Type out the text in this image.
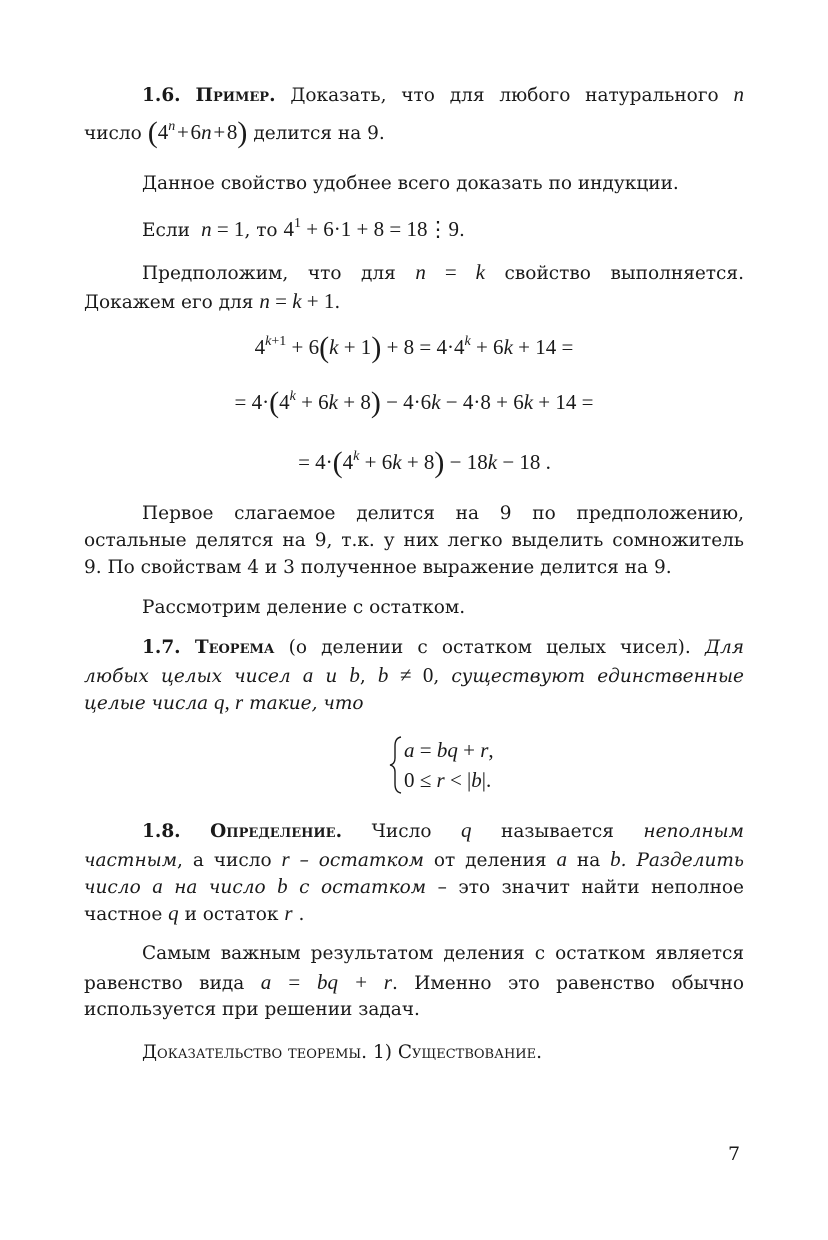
1.6. Пример. Доказать, что для любого натурального n
число ($4^n$ + 6n + 8) делится на 9.
Данное свойство удобнее всего доказать по индукции.
Если n = 1, то $4^1 + 6\cdot 1 + 8$ = 18⋮9.
Предположим, что для n = k свойство выполняется.
Докажем его для n = k + 1.
$4^{k+1} + 6(k + 1) + 8 = 4\cdot 4^k + 6k + 14$ =
= $4\cdot(4^k + 6k + 8) - 4\cdot 6k - 4\cdot 8 + 6k + 14$ =
= $4\cdot(4^k + 6k + 8) - 18k - 18$ .
Первое слагаемое делится на 9 по предположению,
остальные делятся на 9, т.к. у них легко выделить сомножитель
9. По свойствам 4 и 3 полученное выражение делится на 9.
Рассмотрим деление с остатком.
1.7. Теорема (о делении с остатком целых чисел). Для
любых целых чисел a и b, b ≠ 0, существуют единственные
целые числа q, r такие, что
a = bq + r,
0 ≤ r < |b|.
1.8. Определение. Число q называется неполным
частным, а число r – остатком от деления a на b. Разделить
число a на число b с остатком – это значит найти неполное
частное q и остаток r .
Самым важным результатом деления с остатком является
равенство вида a = bq + r. Именно это равенство обычно
используется при решении задач.
Доказательство теоремы. 1) Существование.
7
